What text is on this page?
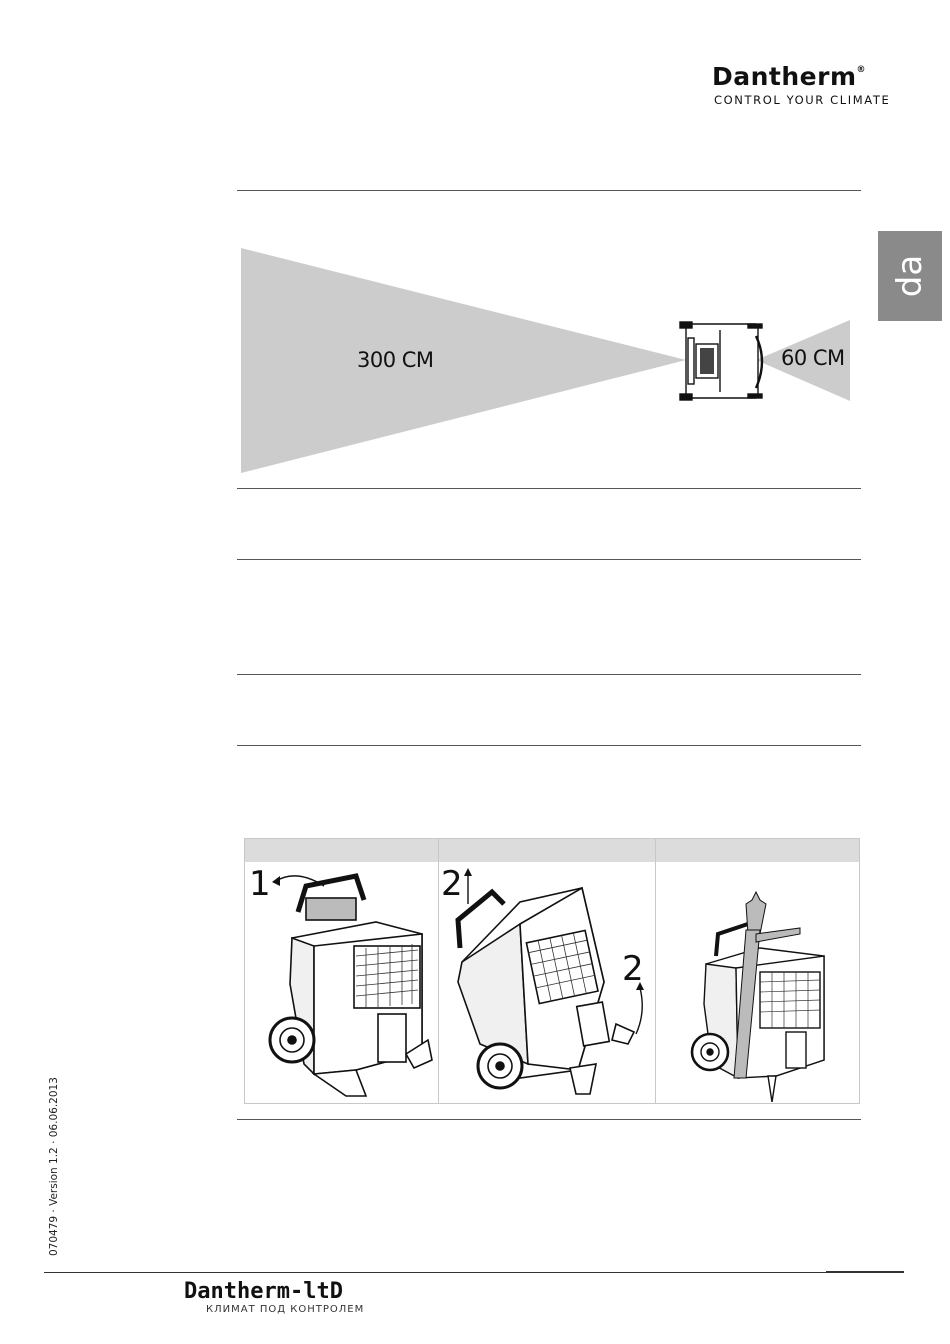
Dantherm®
CONTROL YOUR CLIMATE
da
300 CM	60 CM
1	2
2
070479 · Version 1.2 · 06.06.2013
Dantherm-ltD
КЛИМАТ ПОД КОНТРОЛЕМ
